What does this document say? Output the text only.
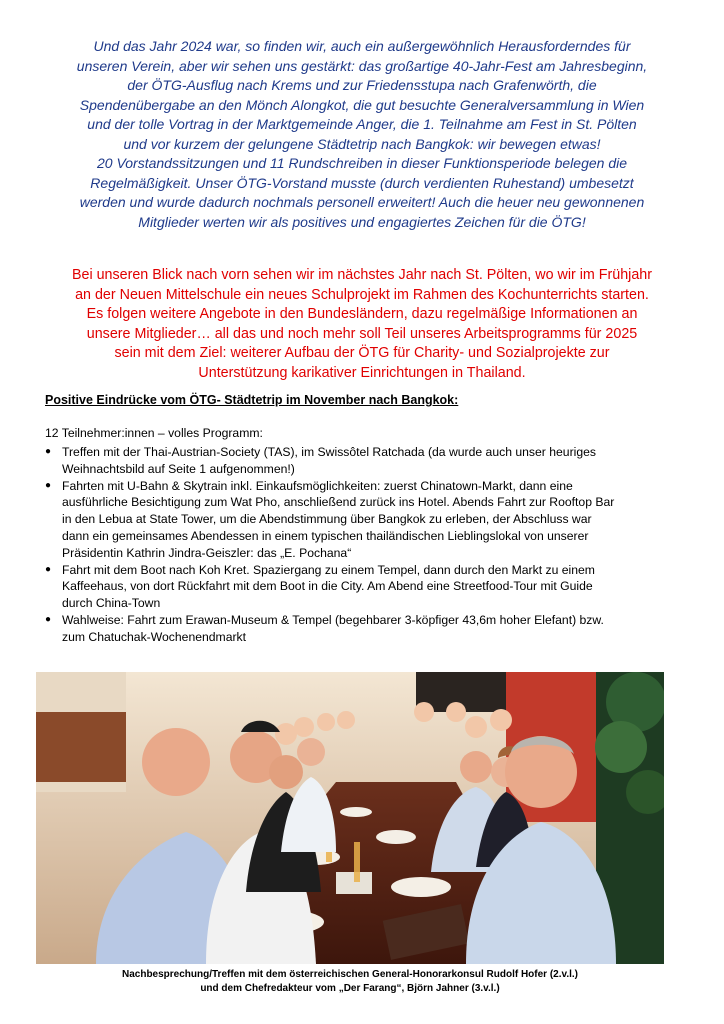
Und das Jahr 2024 war, so finden wir, auch ein außergewöhnlich Herausforderndes für
unseren Verein, aber wir sehen uns gestärkt: das großartige 40-Jahr-Fest am Jahresbeginn,
der ÖTG-Ausflug nach Krems und zur Friedensstupa nach Grafenwörth, die
Spendenübergabe an den Mönch Alongkot, die gut besuchte Generalversammlung in Wien
und der tolle Vortrag in der Marktgemeinde Anger, die 1. Teilnahme am Fest in St. Pölten
und vor kurzem der gelungene Städtetrip nach Bangkok: wir bewegen etwas!
20 Vorstandssitzungen und 11 Rundschreiben in dieser Funktionsperiode belegen die
Regelmäßigkeit. Unser ÖTG-Vorstand musste (durch verdienten Ruhestand) umbesetzt
werden und wurde dadurch nochmals personell erweitert! Auch die heuer neu gewonnenen
Mitglieder werten wir als positives und engagiertes Zeichen für die ÖTG!

Bei unseren Blick nach vorn sehen wir im nächstes Jahr nach St. Pölten, wo wir im Frühjahr
an der Neuen Mittelschule ein neues Schulprojekt im Rahmen des Kochunterrichts starten.
Es folgen weitere Angebote in den Bundesländern, dazu regelmäßige Informationen an
unsere Mitglieder… all das und noch mehr soll Teil unseres Arbeitsprogramms für 2025
sein mit dem Ziel: weiterer Aufbau der ÖTG für Charity- und Sozialprojekte zur
Unterstützung karikativer Einrichtungen in Thailand.

Positive Eindrücke vom ÖTG- Städtetrip im November nach Bangkok:

12 Teilnehmer:innen – volles Programm:

● Treffen mit der Thai-Austrian-Society (TAS), im Swissôtel Ratchada (da wurde auch unser heuriges
Weihnachtsbild auf Seite 1 aufgenommen!)
● Fahrten mit U-Bahn & Skytrain inkl. Einkaufsmöglichkeiten: zuerst Chinatown-Markt, dann eine
ausführliche Besichtigung zum Wat Pho, anschließend zurück ins Hotel. Abends Fahrt zur Rooftop Bar
in den Lebua at State Tower, um die Abendstimmung über Bangkok zu erleben, der Abschluss war
dann ein gemeinsames Abendessen in einem typischen thailändischen Lieblingslokal von unserer
Präsidentin Kathrin Jindra-Geiszler: das „E. Pochana“
● Fahrt mit dem Boot nach Koh Kret. Spaziergang zu einem Tempel, dann durch den Markt zu einem
Kaffeehaus, von dort Rückfahrt mit dem Boot in die City. Am Abend eine Streetfood-Tour mit Guide
durch China-Town
● Wahlweise: Fahrt zum Erawan-Museum & Tempel (begehbarer 3-köpfiger 43,6m hoher Elefant) bzw.
zum Chatuchak-Wochenendmarkt

Nachbesprechung/Treffen mit dem österreichischen General-Honorarkonsul Rudolf Hofer (2.v.l.)
und dem Chefredakteur vom „Der Farang“, Björn Jahner (3.v.l.)
